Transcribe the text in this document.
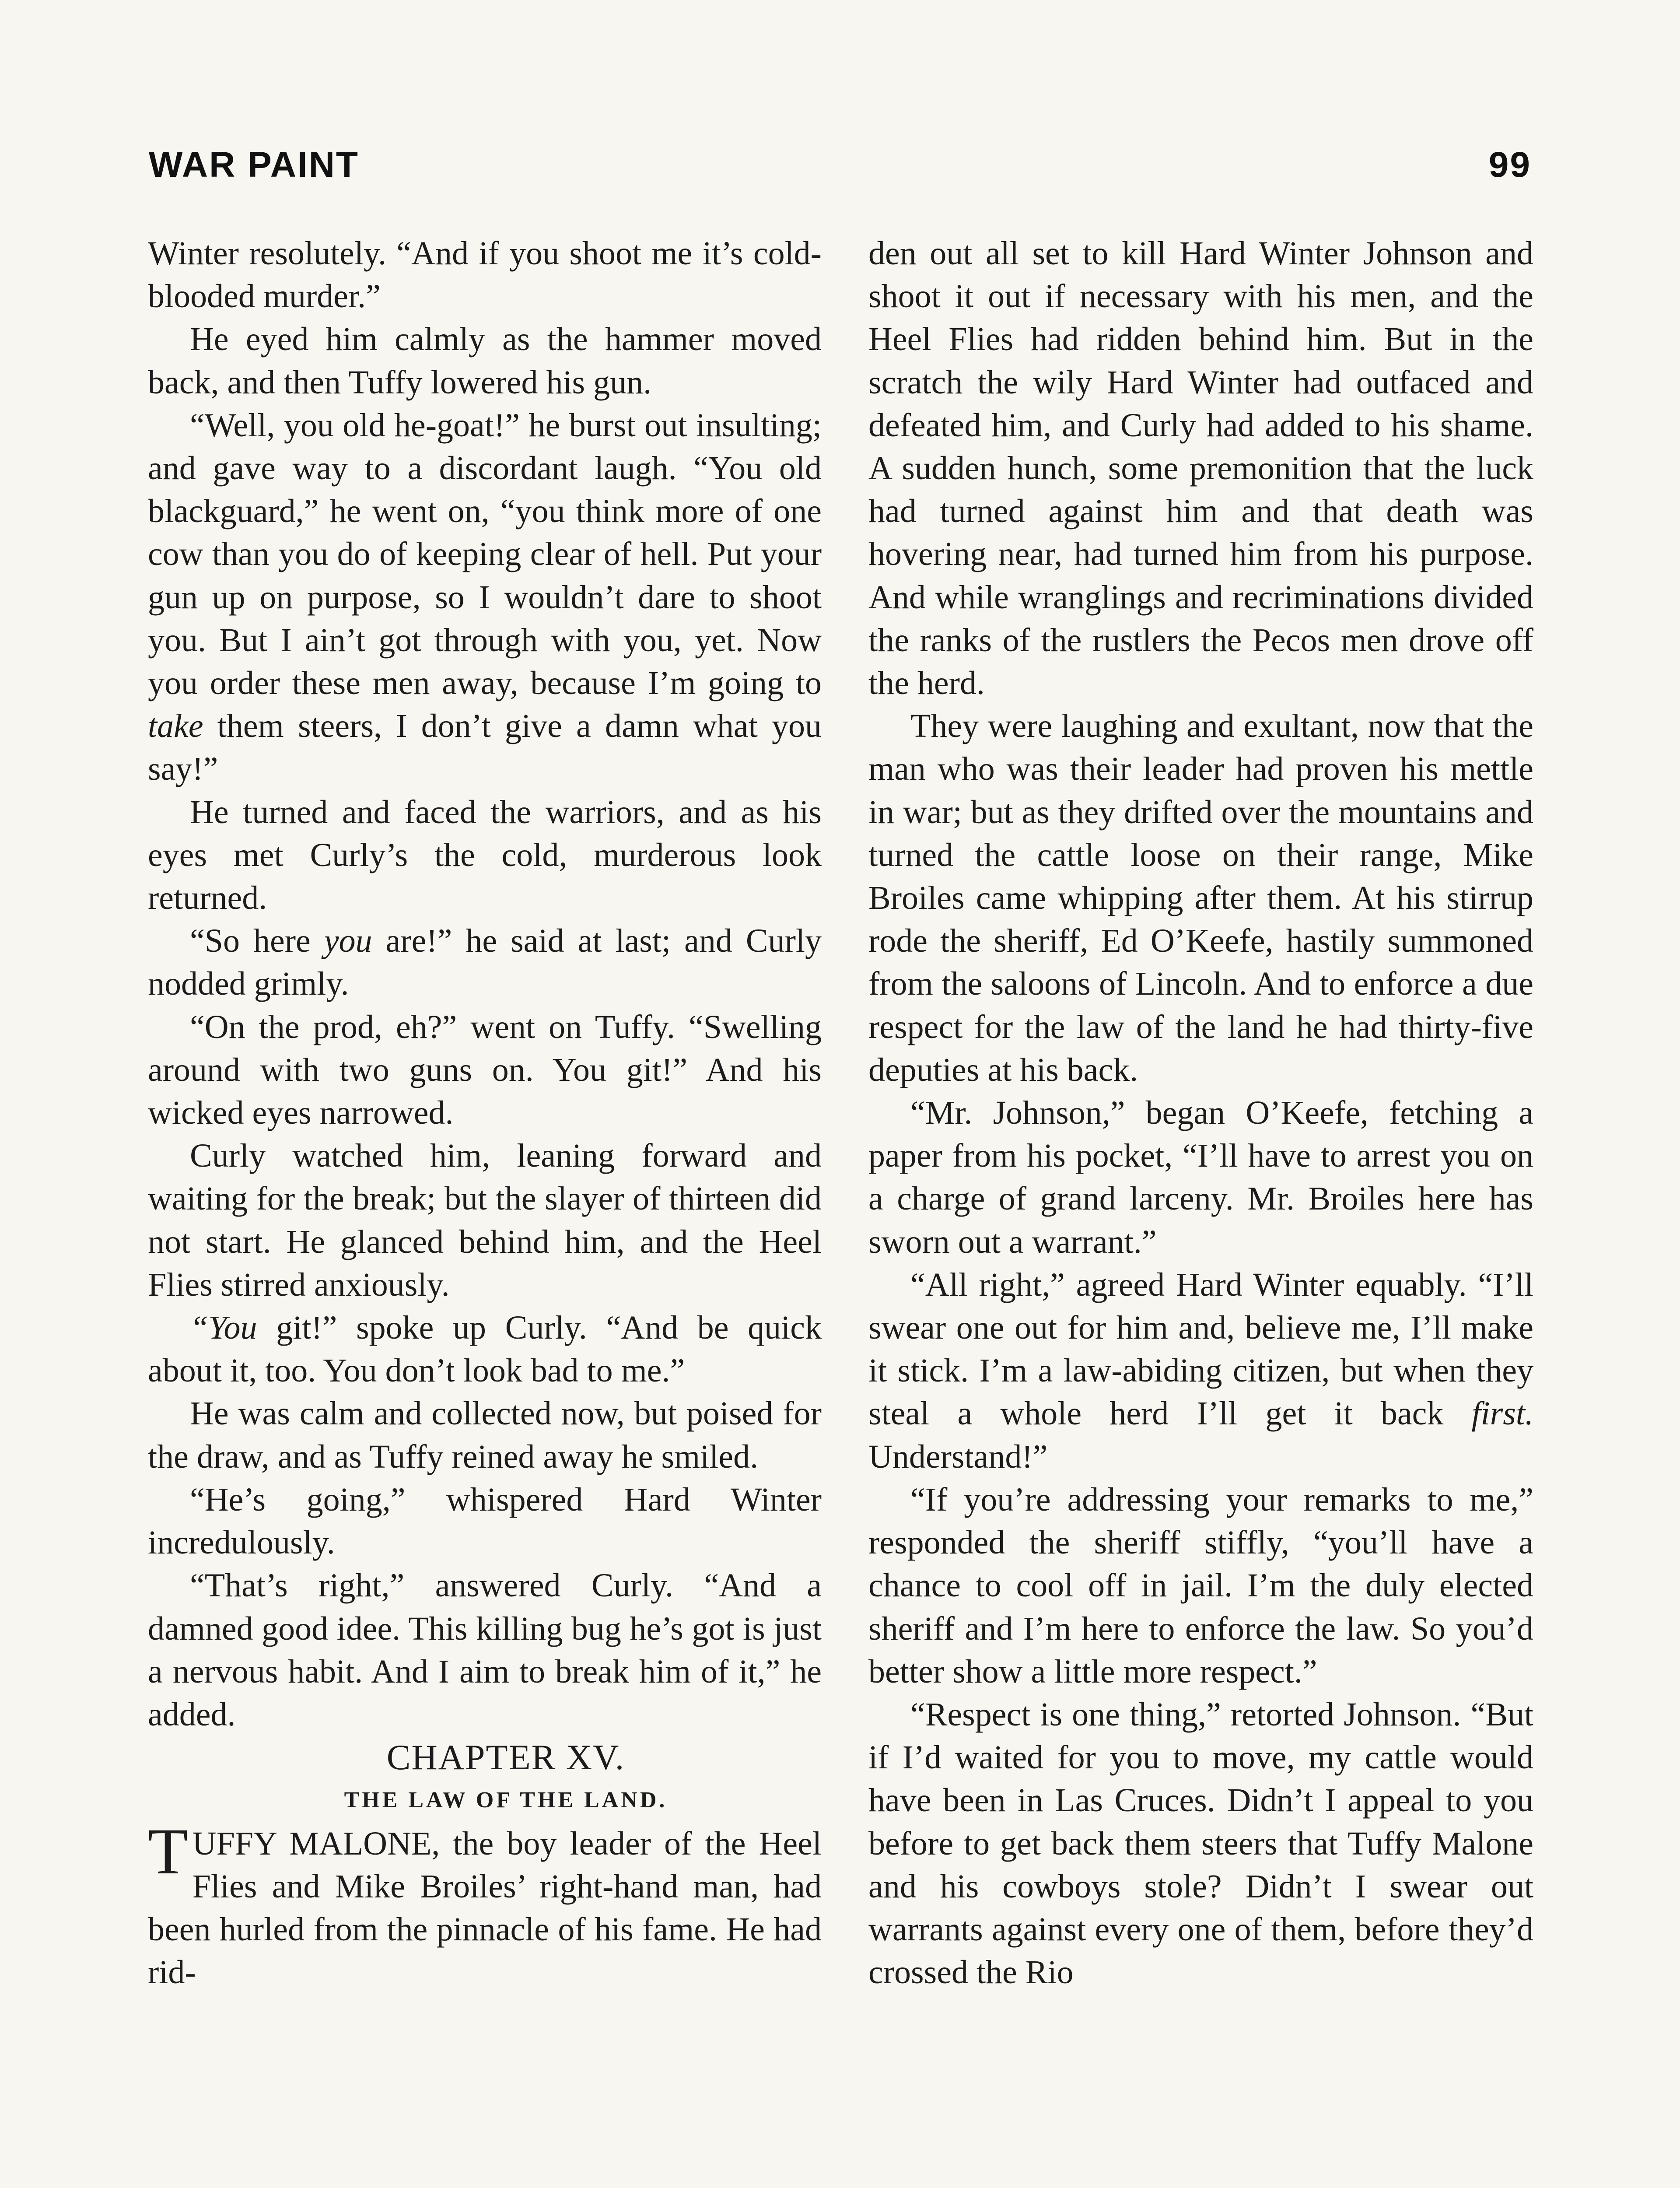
WAR PAINT	99

Winter resolutely. “And if you shoot me it’s cold-blooded murder.”

He eyed him calmly as the hammer moved back, and then Tuffy lowered his gun.

“Well, you old he-goat!” he burst out insulting; and gave way to a discordant laugh. “You old blackguard,” he went on, “you think more of one cow than you do of keeping clear of hell. Put your gun up on purpose, so I wouldn’t dare to shoot you. But I ain’t got through with you, yet. Now you order these men away, because I’m going to take them steers, I don’t give a damn what you say!”

He turned and faced the warriors, and as his eyes met Curly’s the cold, murderous look returned.

“So here you are!” he said at last; and Curly nodded grimly.

“On the prod, eh?” went on Tuffy. “Swelling around with two guns on. You git!” And his wicked eyes narrowed.

Curly watched him, leaning forward and waiting for the break; but the slayer of thirteen did not start. He glanced behind him, and the Heel Flies stirred anxiously.

“You git!” spoke up Curly. “And be quick about it, too. You don’t look bad to me.”

He was calm and collected now, but poised for the draw, and as Tuffy reined away he smiled.

“He’s going,” whispered Hard Winter incredulously.

“That’s right,” answered Curly. “And a damned good idee. This killing bug he’s got is just a nervous habit. And I aim to break him of it,” he added.

CHAPTER XV.

THE LAW OF THE LAND.

TUFFY MALONE, the boy leader of the Heel Flies and Mike Broiles’ right-hand man, had been hurled from the pinnacle of his fame. He had rid-

den out all set to kill Hard Winter Johnson and shoot it out if necessary with his men, and the Heel Flies had ridden behind him. But in the scratch the wily Hard Winter had outfaced and defeated him, and Curly had added to his shame. A sudden hunch, some premonition that the luck had turned against him and that death was hovering near, had turned him from his purpose. And while wranglings and recriminations divided the ranks of the rustlers the Pecos men drove off the herd.

They were laughing and exultant, now that the man who was their leader had proven his mettle in war; but as they drifted over the mountains and turned the cattle loose on their range, Mike Broiles came whipping after them. At his stirrup rode the sheriff, Ed O’Keefe, hastily summoned from the saloons of Lincoln. And to enforce a due respect for the law of the land he had thirty-five deputies at his back.

“Mr. Johnson,” began O’Keefe, fetching a paper from his pocket, “I’ll have to arrest you on a charge of grand larceny. Mr. Broiles here has sworn out a warrant.”

“All right,” agreed Hard Winter equably. “I’ll swear one out for him and, believe me, I’ll make it stick. I’m a law-abiding citizen, but when they steal a whole herd I’ll get it back first. Understand!”

“If you’re addressing your remarks to me,” responded the sheriff stiffly, “you’ll have a chance to cool off in jail. I’m the duly elected sheriff and I’m here to enforce the law. So you’d better show a little more respect.”

“Respect is one thing,” retorted Johnson. “But if I’d waited for you to move, my cattle would have been in Las Cruces. Didn’t I appeal to you before to get back them steers that Tuffy Malone and his cowboys stole? Didn’t I swear out warrants against every one of them, before they’d crossed the Rio
